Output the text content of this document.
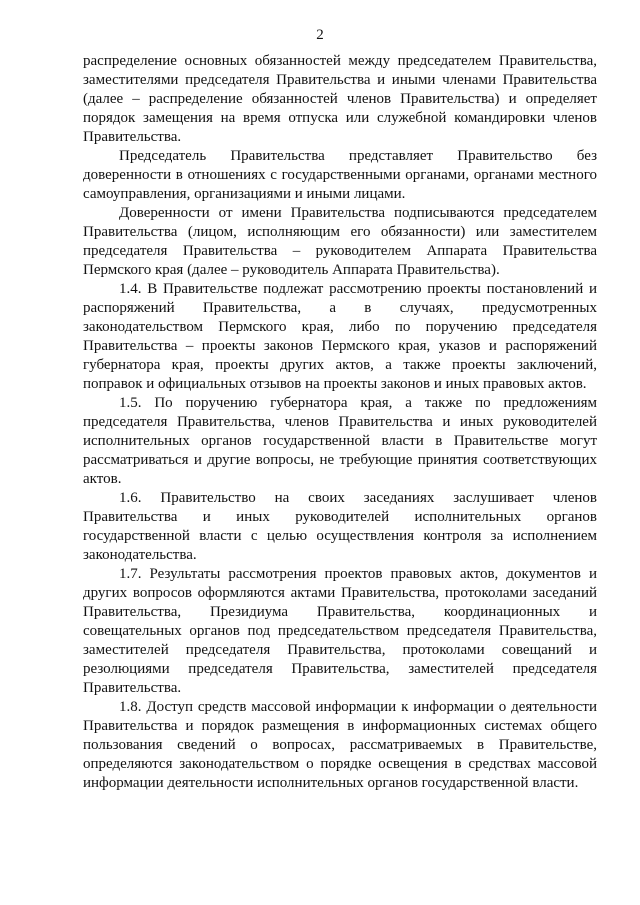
2

распределение основных обязанностей между председателем Правительства, заместителями председателя Правительства и иными членами Правительства (далее – распределение обязанностей членов Правительства) и определяет порядок замещения на время отпуска или служебной командировки членов Правительства.

Председатель Правительства представляет Правительство без доверенности в отношениях с государственными органами, органами местного самоуправления, организациями и иными лицами.

Доверенности от имени Правительства подписываются председателем Правительства (лицом, исполняющим его обязанности) или заместителем председателя Правительства – руководителем Аппарата Правительства Пермского края (далее – руководитель Аппарата Правительства).

1.4. В Правительстве подлежат рассмотрению проекты постановлений и распоряжений Правительства, а в случаях, предусмотренных законодательством Пермского края, либо по поручению председателя Правительства – проекты законов Пермского края, указов и распоряжений губернатора края, проекты других актов, а также проекты заключений, поправок и официальных отзывов на проекты законов и иных правовых актов.

1.5. По поручению губернатора края, а также по предложениям председателя Правительства, членов Правительства и иных руководителей исполнительных органов государственной власти в Правительстве могут рассматриваться и другие вопросы, не требующие принятия соответствующих актов.

1.6. Правительство на своих заседаниях заслушивает членов Правительства и иных руководителей исполнительных органов государственной власти с целью осуществления контроля за исполнением законодательства.

1.7. Результаты рассмотрения проектов правовых актов, документов и других вопросов оформляются актами Правительства, протоколами заседаний Правительства, Президиума Правительства, координационных и совещательных органов под председательством председателя Правительства, заместителей председателя Правительства, протоколами совещаний и резолюциями председателя Правительства, заместителей председателя Правительства.

1.8. Доступ средств массовой информации к информации о деятельности Правительства и порядок размещения в информационных системах общего пользования сведений о вопросах, рассматриваемых в Правительстве, определяются законодательством о порядке освещения в средствах массовой информации деятельности исполнительных органов государственной власти.
